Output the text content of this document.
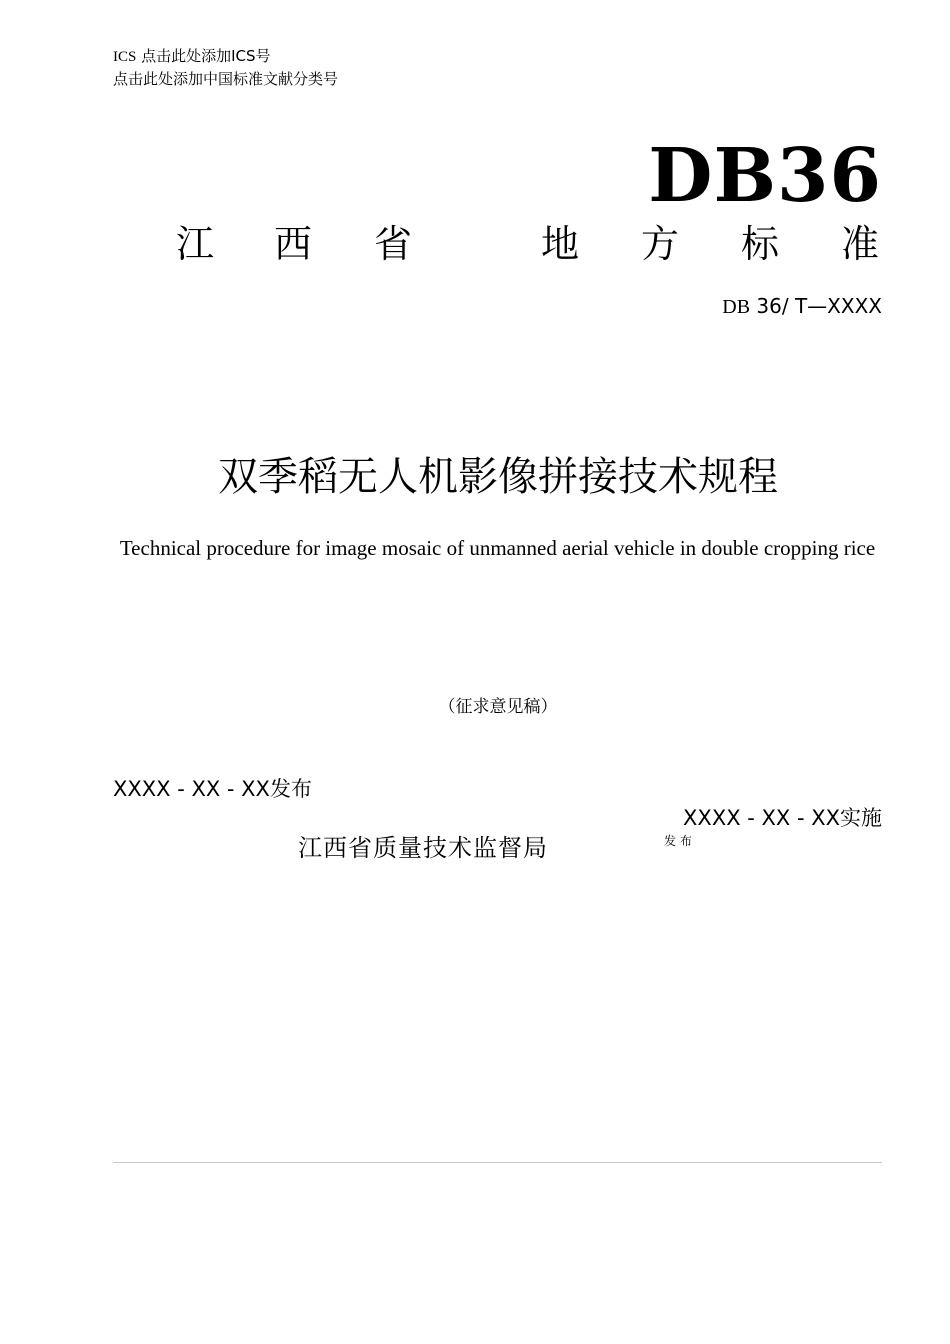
ICS 点击此处添加ICS号
点击此处添加中国标准文献分类号
DB36
江 西 省	地 方 标 准
DB 36/ T—XXXX
双季稻无人机影像拼接技术规程
Technical procedure for image mosaic of unmanned aerial vehicle in double cropping rice
（征求意见稿）
XXXX - XX - XX发布
XXXX - XX - XX实施
江西省质量技术监督局	发布
